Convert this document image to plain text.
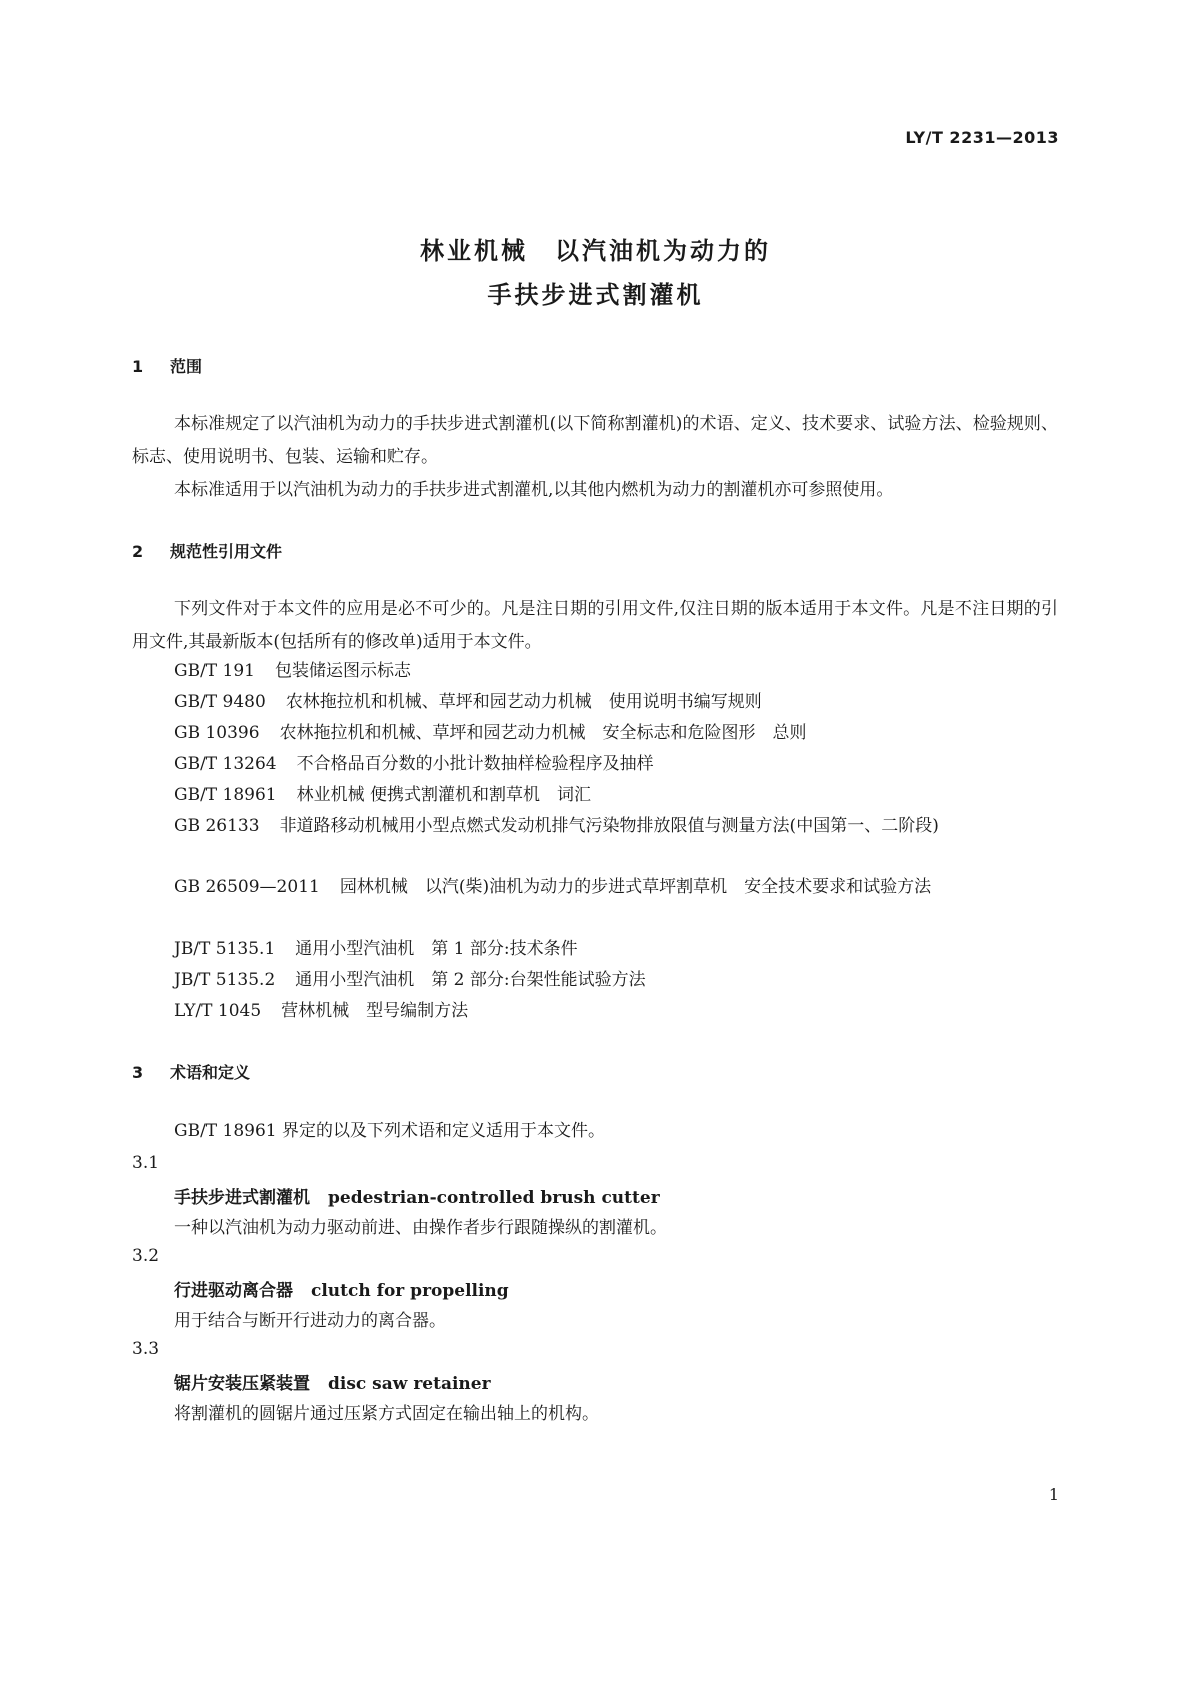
LY/T 2231—2013
林业机械　以汽油机为动力的
手扶步进式割灌机
1 范围
本标准规定了以汽油机为动力的手扶步进式割灌机(以下简称割灌机)的术语、定义、技术要求、试验方法、检验规则、标志、使用说明书、包装、运输和贮存。
本标准适用于以汽油机为动力的手扶步进式割灌机,以其他内燃机为动力的割灌机亦可参照使用。
2 规范性引用文件
下列文件对于本文件的应用是必不可少的。凡是注日期的引用文件,仅注日期的版本适用于本文件。凡是不注日期的引用文件,其最新版本(包括所有的修改单)适用于本文件。
GB/T 191 包装储运图示标志
GB/T 9480 农林拖拉机和机械、草坪和园艺动力机械　使用说明书编写规则
GB 10396 农林拖拉机和机械、草坪和园艺动力机械　安全标志和危险图形　总则
GB/T 13264 不合格品百分数的小批计数抽样检验程序及抽样
GB/T 18961 林业机械 便携式割灌机和割草机　词汇
GB 26133 非道路移动机械用小型点燃式发动机排气污染物排放限值与测量方法(中国第一、二阶段)
GB 26509—2011 园林机械　以汽(柴)油机为动力的步进式草坪割草机　安全技术要求和试验方法
JB/T 5135.1 通用小型汽油机　第 1 部分:技术条件
JB/T 5135.2 通用小型汽油机　第 2 部分:台架性能试验方法
LY/T 1045 营林机械　型号编制方法
3 术语和定义
GB/T 18961 界定的以及下列术语和定义适用于本文件。
3.1
手扶步进式割灌机 pedestrian-controlled brush cutter
一种以汽油机为动力驱动前进、由操作者步行跟随操纵的割灌机。
3.2
行进驱动离合器 clutch for propelling
用于结合与断开行进动力的离合器。
3.3
锯片安装压紧装置 disc saw retainer
将割灌机的圆锯片通过压紧方式固定在输出轴上的机构。
1
